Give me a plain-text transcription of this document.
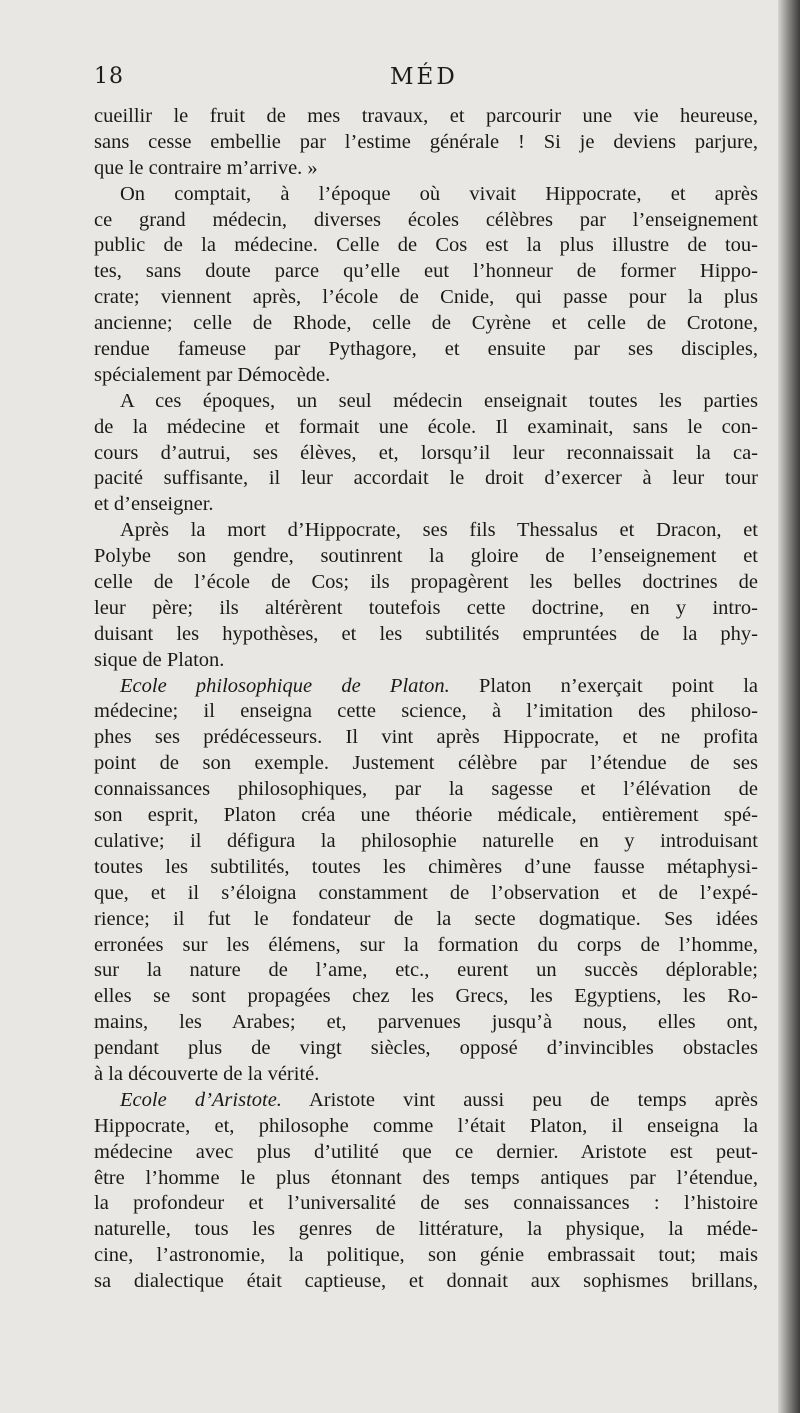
18	MÉD

cueillir le fruit de mes travaux, et parcourir une vie heureuse,
sans cesse embellie par l’estime générale ! Si je deviens parjure,
que le contraire m’arrive. »

On comptait, à l’époque où vivait Hippocrate, et après
ce grand médecin, diverses écoles célèbres par l’enseignement
public de la médecine. Celle de Cos est la plus illustre de tou-
tes, sans doute parce qu’elle eut l’honneur de former Hippo-
crate; viennent après, l’école de Cnide, qui passe pour la plus
ancienne; celle de Rhode, celle de Cyrène et celle de Crotone,
rendue fameuse par Pythagore, et ensuite par ses disciples,
spécialement par Démocède.

A ces époques, un seul médecin enseignait toutes les parties
de la médecine et formait une école. Il examinait, sans le con-
cours d’autrui, ses élèves, et, lorsqu’il leur reconnaissait la ca-
pacité suffisante, il leur accordait le droit d’exercer à leur tour
et d’enseigner.

Après la mort d’Hippocrate, ses fils Thessalus et Dracon, et
Polybe son gendre, soutinrent la gloire de l’enseignement et
celle de l’école de Cos; ils propagèrent les belles doctrines de
leur père; ils altérèrent toutefois cette doctrine, en y intro-
duisant les hypothèses, et les subtilités empruntées de la phy-
sique de Platon.

Ecole philosophique de Platon. Platon n’exerçait point la
médecine; il enseigna cette science, à l’imitation des philoso-
phes ses prédécesseurs. Il vint après Hippocrate, et ne profita
point de son exemple. Justement célèbre par l’étendue de ses
connaissances philosophiques, par la sagesse et l’élévation de
son esprit, Platon créa une théorie médicale, entièrement spé-
culative; il défigura la philosophie naturelle en y introduisant
toutes les subtilités, toutes les chimères d’une fausse métaphysi-
que, et il s’éloigna constamment de l’observation et de l’expé-
rience; il fut le fondateur de la secte dogmatique. Ses idées
erronées sur les élémens, sur la formation du corps de l’homme,
sur la nature de l’ame, etc., eurent un succès déplorable;
elles se sont propagées chez les Grecs, les Egyptiens, les Ro-
mains, les Arabes; et, parvenues jusqu’à nous, elles ont,
pendant plus de vingt siècles, opposé d’invincibles obstacles
à la découverte de la vérité.

Ecole d’Aristote. Aristote vint aussi peu de temps après
Hippocrate, et, philosophe comme l’était Platon, il enseigna la
médecine avec plus d’utilité que ce dernier. Aristote est peut-
être l’homme le plus étonnant des temps antiques par l’étendue,
la profondeur et l’universalité de ses connaissances : l’histoire
naturelle, tous les genres de littérature, la physique, la méde-
cine, l’astronomie, la politique, son génie embrassait tout; mais
sa dialectique était captieuse, et donnait aux sophismes brillans,
